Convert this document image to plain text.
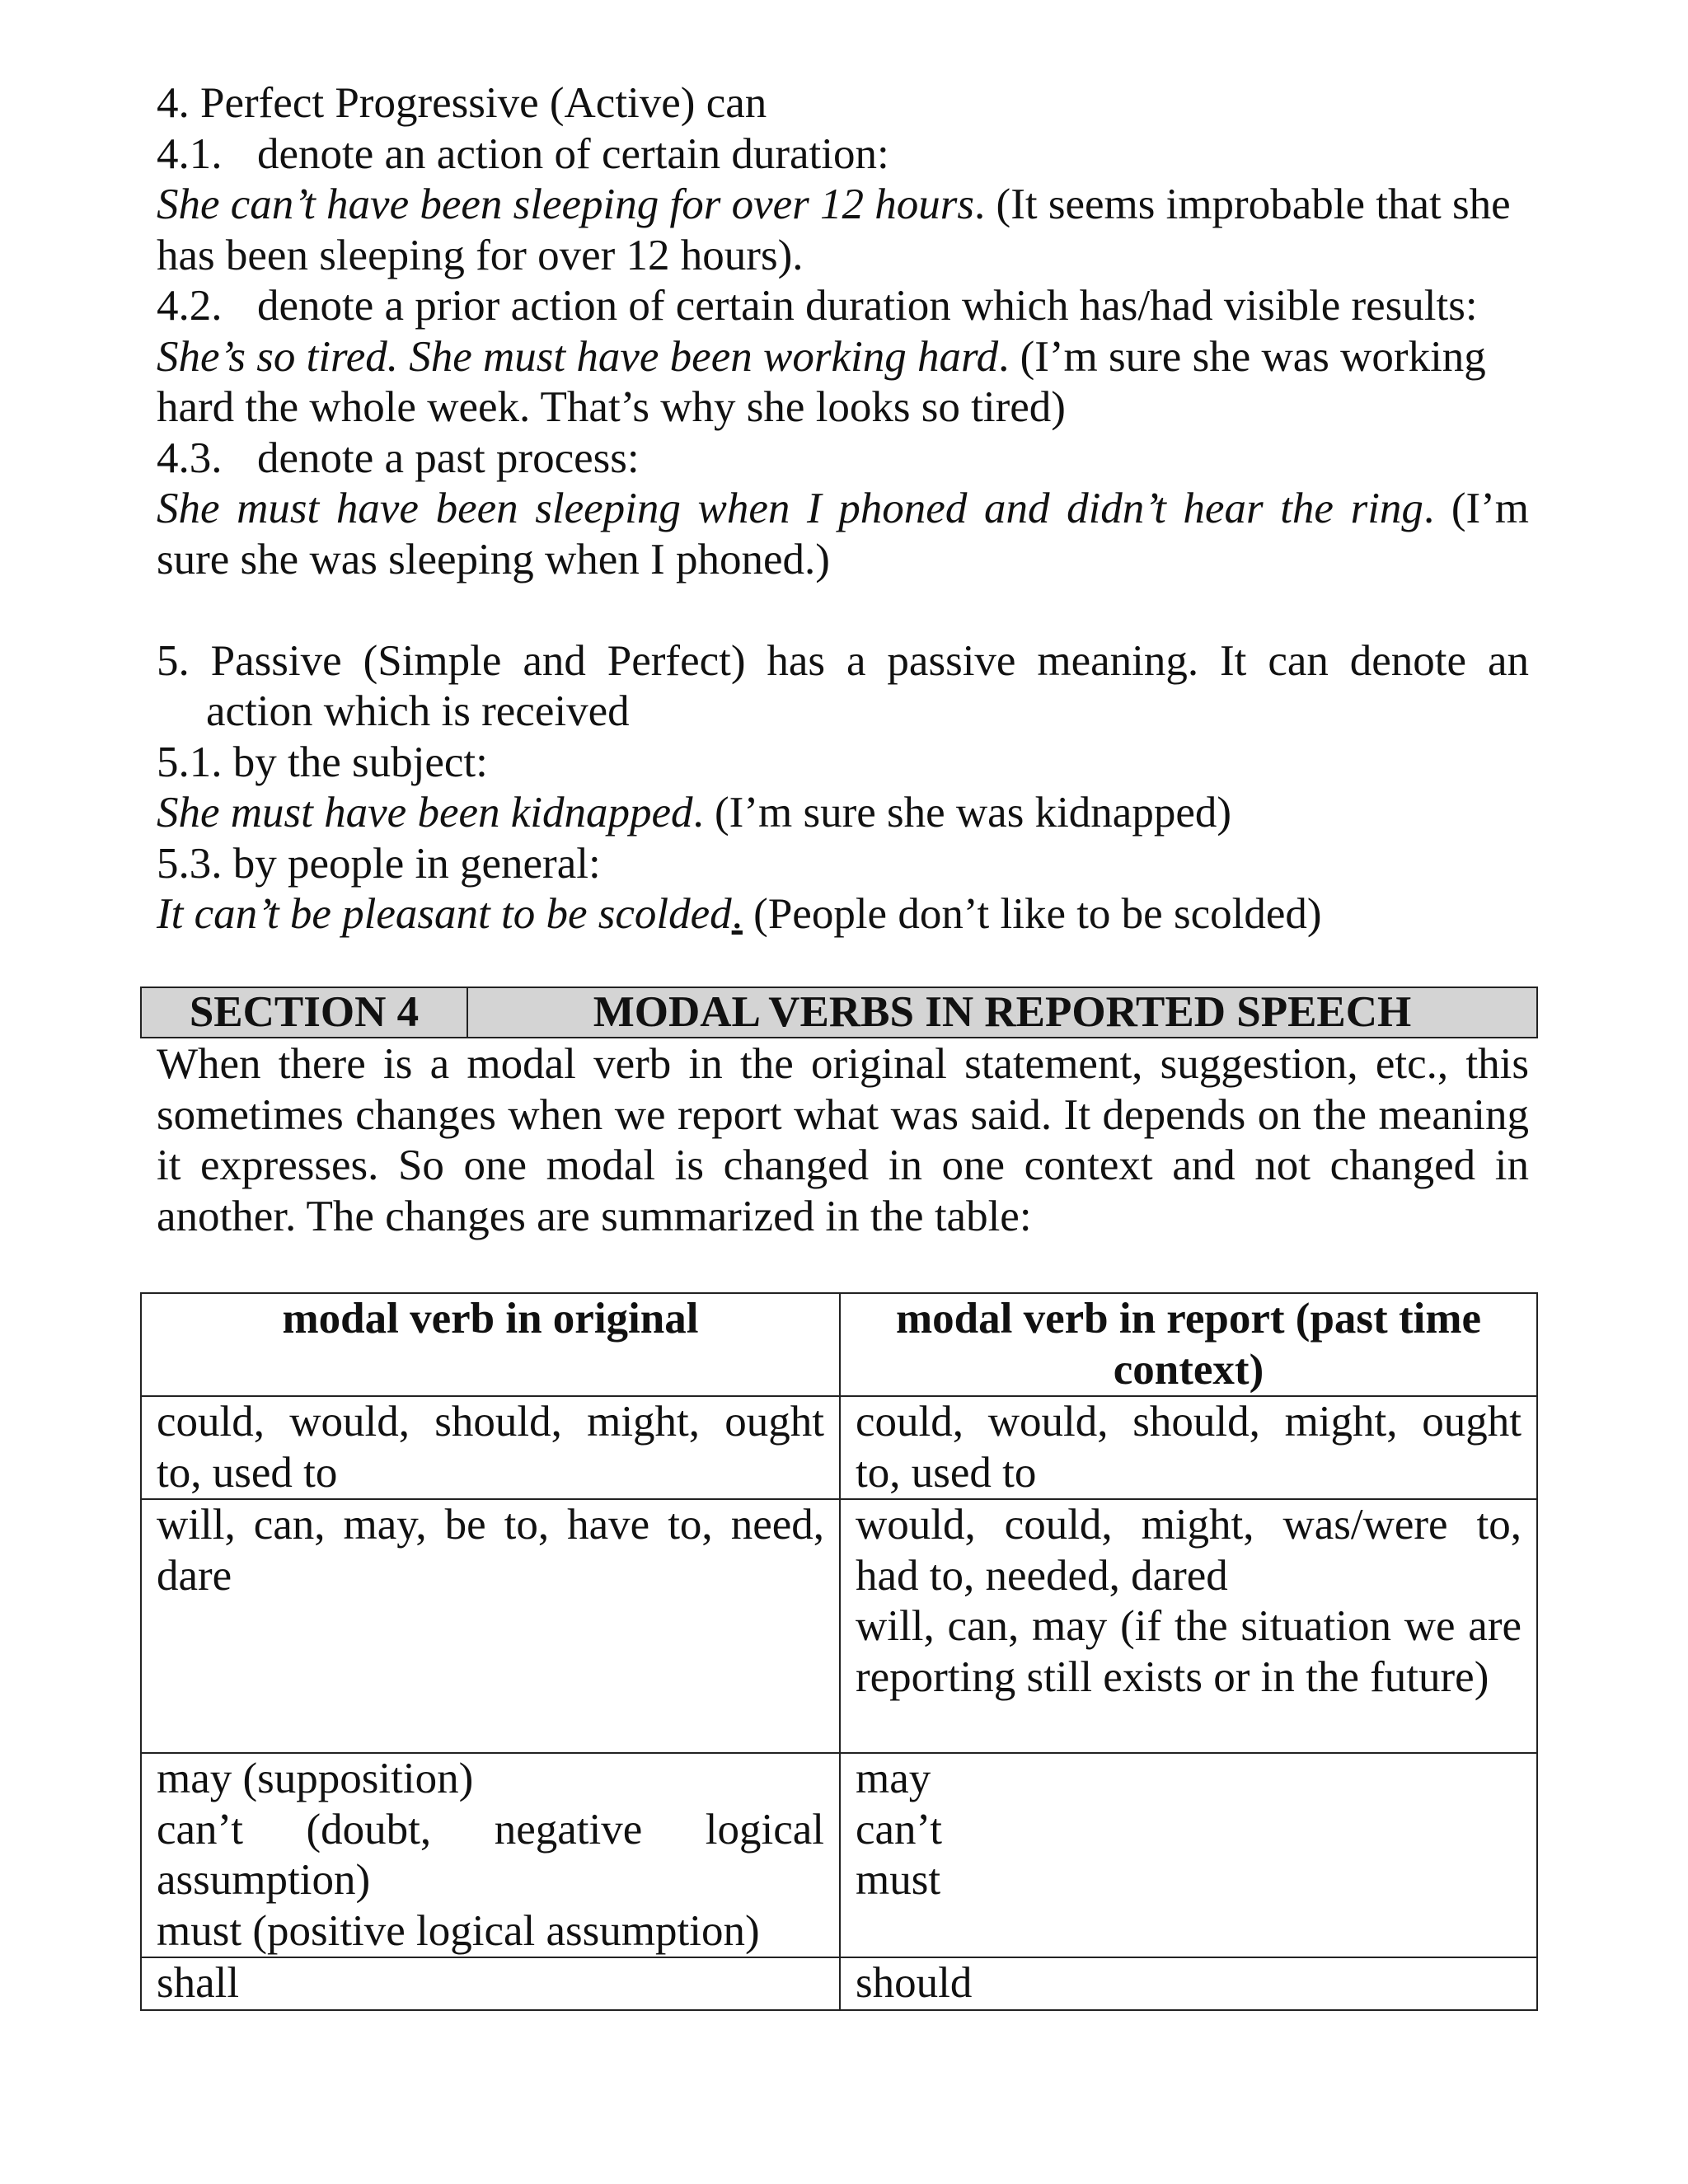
4. Perfect Progressive (Active) can
4.1. denote an action of certain duration:
She can’t have been sleeping for over 12 hours. (It seems improbable that she
has been sleeping for over 12 hours).
4.2. denote a prior action of certain duration which has/had visible results:
She’s so tired. She must have been working hard. (I’m sure she was working
hard the whole week. That’s why she looks so tired)
4.3. denote a past process:
She must have been sleeping when I phoned and didn’t hear the ring. (I’m
sure she was sleeping when I phoned.)
5. Passive (Simple and Perfect) has a passive meaning. It can denote an
action which is received
5.1. by the subject:
She must have been kidnapped. (I’m sure she was kidnapped)
5.3. by people in general:
It can’t be pleasant to be scolded. (People don’t like to be scolded)
SECTION 4	MODAL VERBS IN REPORTED SPEECH
When there is a modal verb in the original statement, suggestion, etc., this
sometimes changes when we report what was said. It depends on the meaning
it expresses. So one modal is changed in one context and not changed in
another. The changes are summarized in the table:
modal verb in original	modal verb in report (past time
context)

could, would, should, might, ought
to, used to	could, would, should, might, ought
to, used to

will, can, may, be to, have to, need,
dare	would, could, might, was/were to,
had to, needed, dared
will, can, may (if the situation we are
reporting still exists or in the future)

may (supposition)
can’t (doubt, negative logical
assumption)
must (positive logical assumption)	may
can’t
must

shall	should
